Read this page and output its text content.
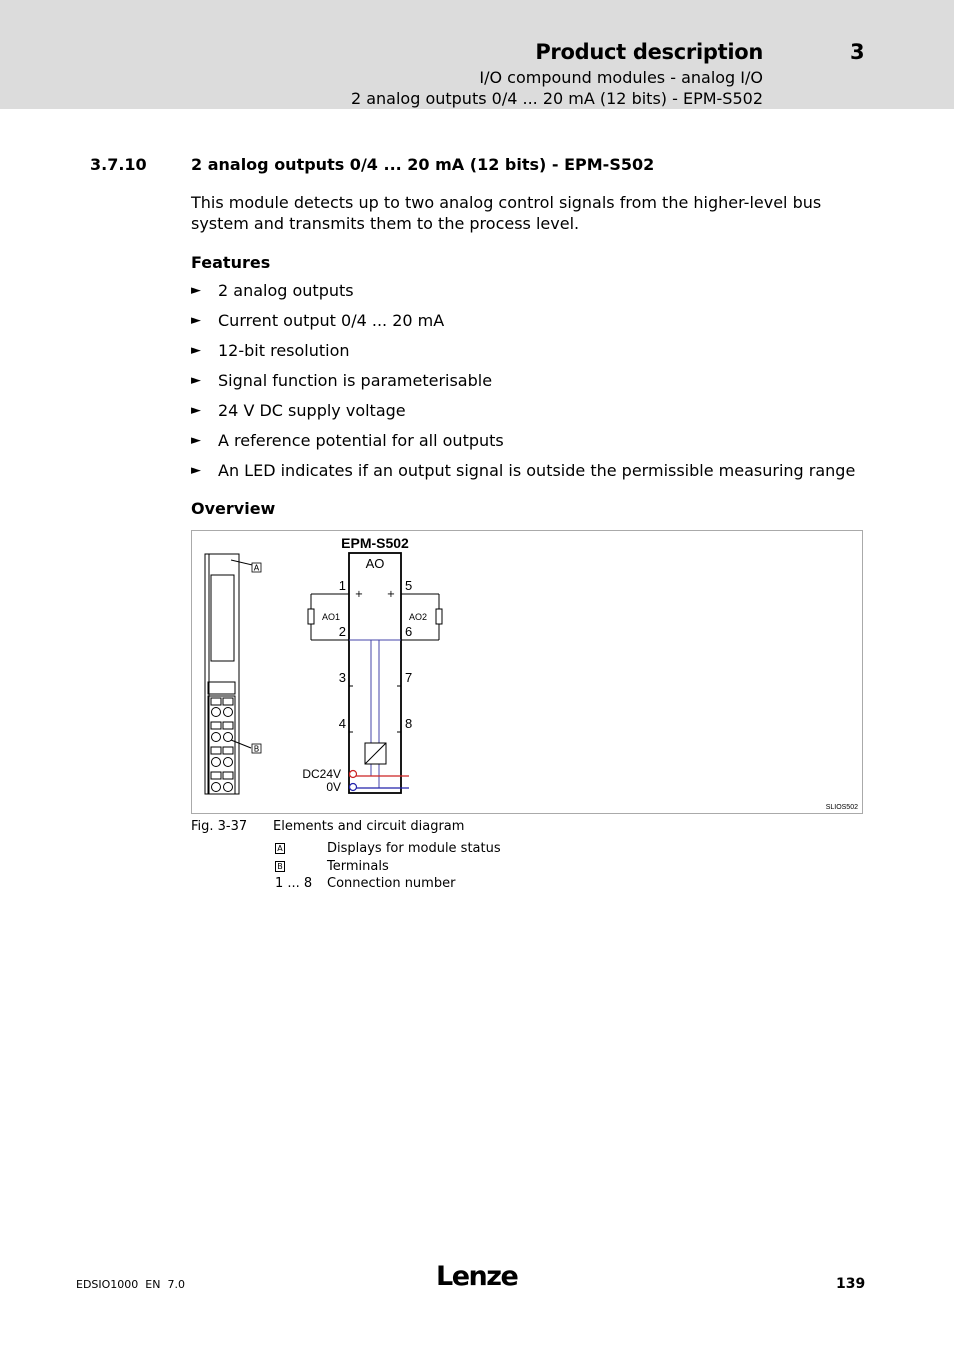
Product description	3
I/O compound modules - analog I/O
2 analog outputs 0/4 ... 20 mA (12 bits) - EPM-S502
3.7.10	2 analog outputs 0/4 ... 20 mA (12 bits) - EPM-S502
This module detects up to two analog control signals from the higher-level bus system and transmits them to the process level.
Features
► 2 analog outputs
► Current output 0/4 ... 20 mA
► 12-bit resolution
► Signal function is parameterisable
► 24 V DC supply voltage
► A reference potential for all outputs
► An LED indicates if an output signal is outside the permissible measuring range
Overview
A
B
EPM-S502
AO
+ +
AO1	AO2
1
2
3
4
5
6
7
8
DC24V
0V
SLIOS502
Fig. 3-37 Elements and circuit diagram
A	Displays for module status
B	Terminals
1 ... 8 Connection number
EDSIO1000  EN  7.0	Lenze	139
